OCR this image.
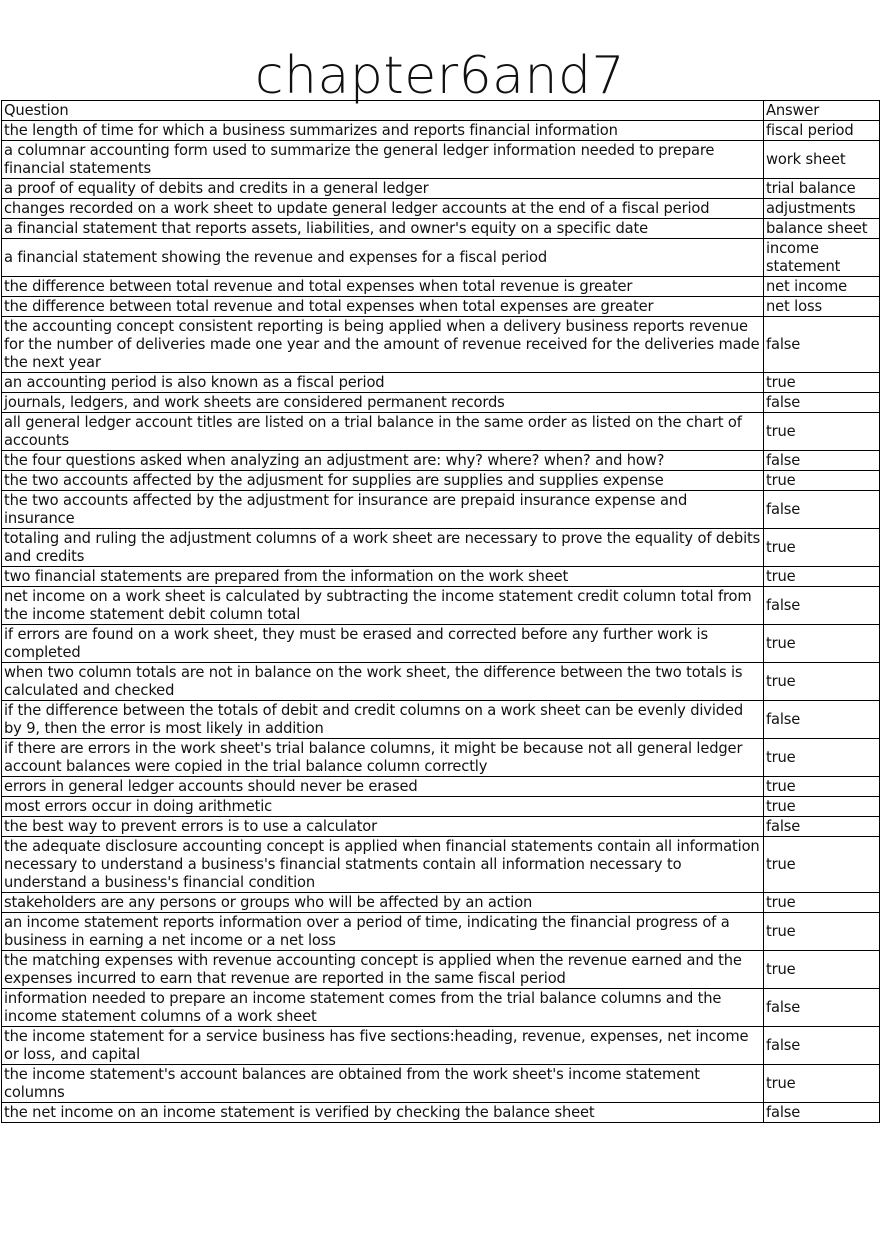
chapter6and7
Question	Answer
the length of time for which a business summarizes and reports financial information	fiscal period
a columnar accounting form used to summarize the general ledger information needed to prepare financial statements	work sheet
a proof of equality of debits and credits in a general ledger	trial balance
changes recorded on a work sheet to update general ledger accounts at the end of a fiscal period	adjustments
a financial statement that reports assets, liabilities, and owner's equity on a specific date	balance sheet
a financial statement showing the revenue and expenses for a fiscal period	income statement
the difference between total revenue and total expenses when total revenue is greater	net income
the difference between total revenue and total expenses when total expenses are greater	net loss
the accounting concept consistent reporting is being applied when a delivery business reports revenue for the number of deliveries made one year and the amount of revenue received for the deliveries made the next year	false
an accounting period is also known as a fiscal period	true
journals, ledgers, and work sheets are considered permanent records	false
all general ledger account titles are listed on a trial balance in the same order as listed on the chart of accounts	true
the four questions asked when analyzing an adjustment are: why? where? when? and how?	false
the two accounts affected by the adjusment for supplies are supplies and supplies expense	true
the two accounts affected by the adjustment for insurance are prepaid insurance expense and insurance	false
totaling and ruling the adjustment columns of a work sheet are necessary to prove the equality of debits and credits	true
two financial statements are prepared from the information on the work sheet	true
net income on a work sheet is calculated by subtracting the income statement credit column total from the income statement debit column total	false
if errors are found on a work sheet, they must be erased and corrected before any further work is completed	true
when two column totals are not in balance on the work sheet, the difference between the two totals is calculated and checked	true
if the difference between the totals of debit and credit columns on a work sheet can be evenly divided by 9, then the error is most likely in addition	false
if there are errors in the work sheet's trial balance columns, it might be because not all general ledger account balances were copied in the trial balance column correctly	true
errors in general ledger accounts should never be erased	true
most errors occur in doing arithmetic	true
the best way to prevent errors is to use a calculator	false
the adequate disclosure accounting concept is applied when financial statements contain all information necessary to understand a business's financial statments contain all information necessary to understand a business's financial condition	true
stakeholders are any persons or groups who will be affected by an action	true
an income statement reports information over a period of time, indicating the financial progress of a business in earning a net income or a net loss	true
the matching expenses with revenue accounting concept is applied when the revenue earned and the expenses incurred to earn that revenue are reported in the same fiscal period	true
information needed to prepare an income statement comes from the trial balance columns and the income statement columns of a work sheet	false
the income statement for a service business has five sections:heading, revenue, expenses, net income or loss, and capital	false
the income statement's account balances are obtained from the work sheet's income statement columns	true
the net income on an income statement is verified by checking the balance sheet	false
